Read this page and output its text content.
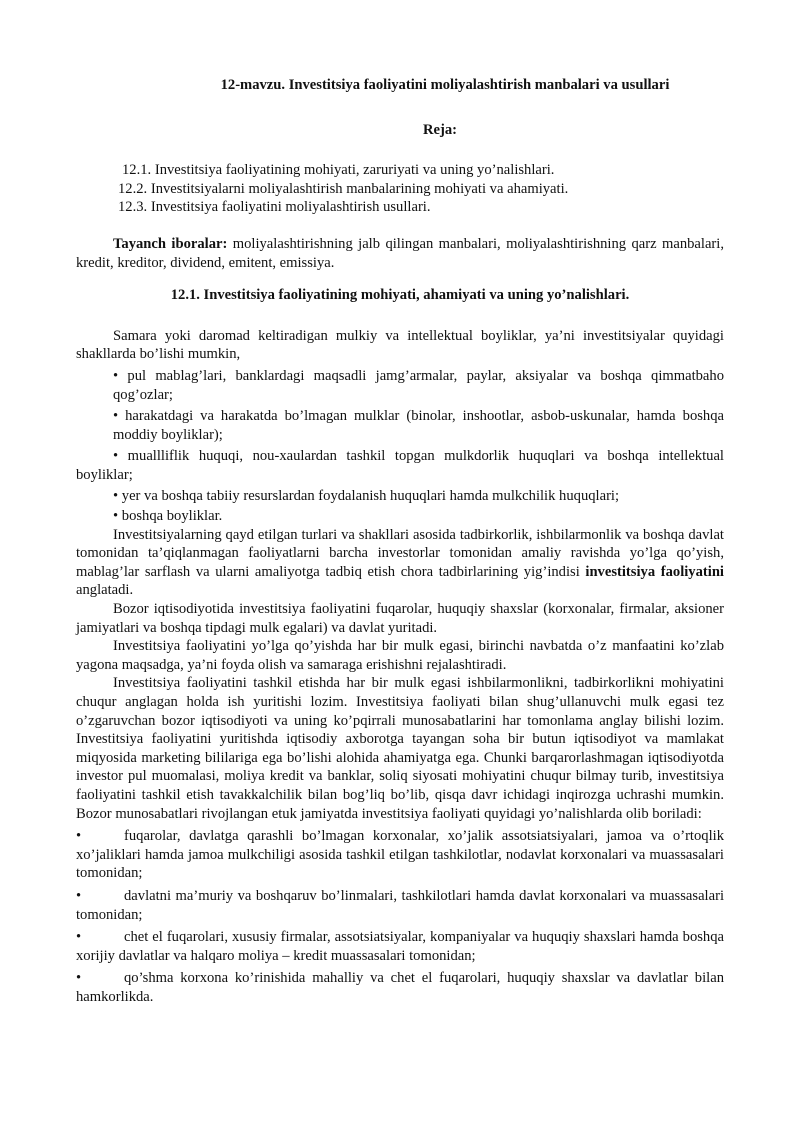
12-mavzu. Investitsiya faoliyatini moliyalashtirish manbalari va usullari
Reja:
12.1. Investitsiya faoliyatining mohiyati, zaruriyati va uning yo’nalishlari.
12.2. Investitsiyalarni moliyalashtirish manbalarining mohiyati va ahamiyati.
12.3. Investitsiya faoliyatini moliyalashtirish usullari.
Tayanch iboralar: moliyalashtirishning jalb qilingan manbalari, moliyalashtirishning qarz manbalari, kredit, kreditor, dividend, emitent, emissiya.
12.1. Investitsiya faoliyatining mohiyati, ahamiyati va uning yo’nalishlari.
Samara yoki daromad keltiradigan mulkiy va intellektual boyliklar, ya’ni investitsiyalar quyidagi shakllarda bo’lishi mumkin,
• pul mablag’lari, banklardagi maqsadli jamg’armalar, paylar, aksiyalar va boshqa qimmatbaho qog’ozlar;
• harakatdagi va harakatda bo’lmagan mulklar (binolar, inshootlar, asbob-uskunalar, hamda boshqa moddiy boyliklar);
• muallliflik huquqi, nou-xaulardan tashkil topgan mulkdorlik huquqlari va boshqa intellektual boyliklar;
• yer va boshqa tabiiy resurslardan foydalanish huquqlari hamda mulkchilik huquqlari;
• boshqa boyliklar.
Investitsiyalarning qayd etilgan turlari va shakllari asosida tadbirkorlik, ishbilarmonlik va boshqa davlat tomonidan ta’qiqlanmagan faoliyatlarni barcha investorlar tomonidan amaliy ravishda yo’lga qo’yish, mablag’lar sarflash va ularni amaliyotga tadbiq etish chora tadbirlarining yig’indisi investitsiya faoliyatini anglatadi.
Bozor iqtisodiyotida investitsiya faoliyatini fuqarolar, huquqiy shaxslar (korxonalar, firmalar, aksioner jamiyatlari va boshqa tipdagi mulk egalari) va davlat yuritadi.
Investitsiya faoliyatini yo’lga qo’yishda har bir mulk egasi, birinchi navbatda o’z manfaatini ko’zlab yagona maqsadga, ya’ni foyda olish va samaraga erishishni rejalashtiradi.
Investitsiya faoliyatini tashkil etishda har bir mulk egasi ishbilarmonlikni, tadbirkorlikni mohiyatini chuqur anglagan holda ish yuritishi lozim. Investitsiya faoliyati bilan shug’ullanuvchi mulk egasi tez o’zgaruvchan bozor iqtisodiyoti va uning ko’pqirrali munosabatlarini har tomonlama anglay bilishi lozim. Investitsiya faoliyatini yuritishda iqtisodiy axborotga tayangan soha bir butun iqtisodiyot va mamlakat miqyosida marketing bililariga ega bo’lishi alohida ahamiyatga ega. Chunki barqarorlashmagan iqtisodiyotda investor pul muomalasi, moliya kredit va banklar, soliq siyosati mohiyatini chuqur bilmay turib, investitsiya faoliyatini tashkil etish tavakkalchilik bilan bog’liq bo’lib, qisqa davr ichidagi inqirozga uchrashi mumkin. Bozor munosabatlari rivojlangan etuk jamiyatda investitsiya faoliyati quyidagi yo’nalishlarda olib boriladi:
•	fuqarolar, davlatga qarashli bo’lmagan korxonalar, xo’jalik assotsiatsiyalari, jamoa va o’rtoqlik xo’jaliklari hamda jamoa mulkchiligi asosida tashkil etilgan tashkilotlar, nodavlat korxonalari va muassasalari tomonidan;
•	davlatni ma’muriy va boshqaruv bo’linmalari, tashkilotlari hamda davlat korxonalari va muassasalari tomonidan;
•	chet el fuqarolari, xususiy firmalar, assotsiatsiyalar, kompaniyalar va huquqiy shaxslari hamda boshqa xorijiy davlatlar va halqaro moliya – kredit muassasalari tomonidan;
•	qo’shma korxona ko’rinishida mahalliy va chet el fuqarolari, huquqiy shaxslar va davlatlar bilan hamkorlikda.
